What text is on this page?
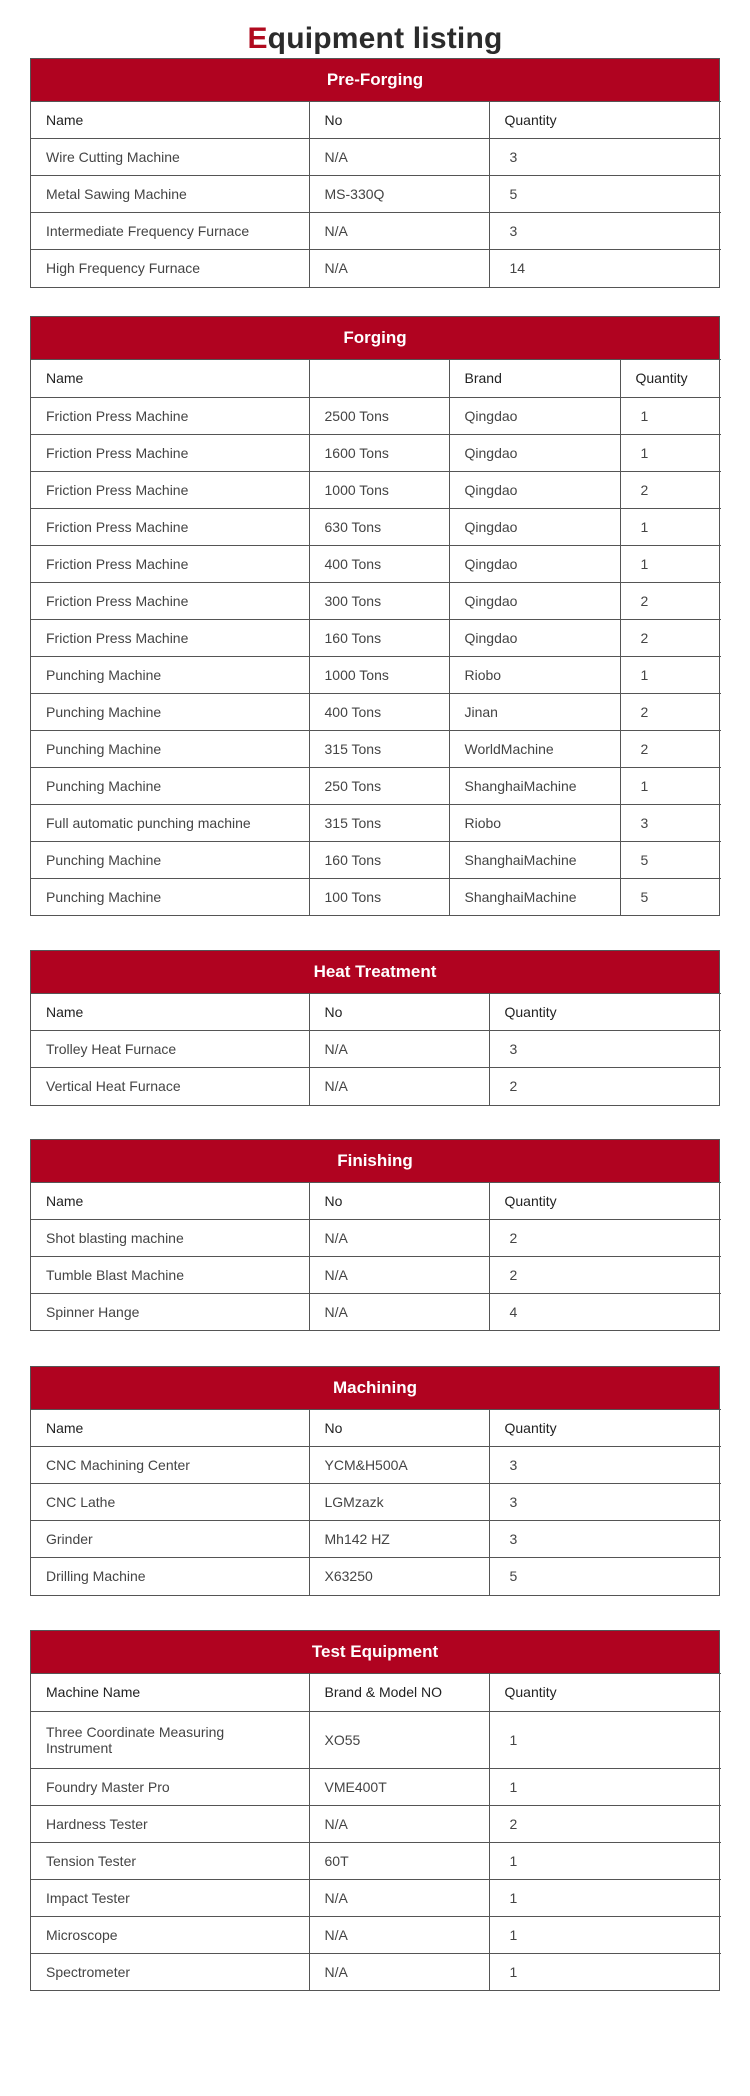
Equipment listing
Pre-Forging
Name	No	Quantity
Wire Cutting Machine	N/A	3
Metal Sawing Machine	MS-330Q	5
Intermediate Frequency Furnace	N/A	3
High Frequency Furnace	N/A	14
Forging
Name		Brand	Quantity
Friction Press Machine	2500 Tons	Qingdao	1
Friction Press Machine	1600 Tons	Qingdao	1
Friction Press Machine	1000 Tons	Qingdao	2
Friction Press Machine	630 Tons	Qingdao	1
Friction Press Machine	400 Tons	Qingdao	1
Friction Press Machine	300 Tons	Qingdao	2
Friction Press Machine	160 Tons	Qingdao	2
Punching Machine	1000 Tons	Riobo	1
Punching Machine	400 Tons	Jinan	2
Punching Machine	315 Tons	WorldMachine	2
Punching Machine	250 Tons	ShanghaiMachine	1
Full automatic punching machine	315 Tons	Riobo	3
Punching Machine	160 Tons	ShanghaiMachine	5
Punching Machine	100 Tons	ShanghaiMachine	5
Heat Treatment
Name	No	Quantity
Trolley Heat Furnace	N/A	3
Vertical Heat Furnace	N/A	2
Finishing
Name	No	Quantity
Shot blasting machine	N/A	2
Tumble Blast Machine	N/A	2
Spinner Hange	N/A	4
Machining
Name	No	Quantity
CNC Machining Center	YCM&H500A	3
CNC Lathe	LGMzazk	3
Grinder	Mh142 HZ	3
Drilling Machine	X63250	5
Test Equipment
Machine Name	Brand & Model NO	Quantity
Three Coordinate Measuring Instrument	XO55	1
Foundry Master Pro	VME400T	1
Hardness Tester	N/A	2
Tension Tester	60T	1
Impact Tester	N/A	1
Microscope	N/A	1
Spectrometer	N/A	1
